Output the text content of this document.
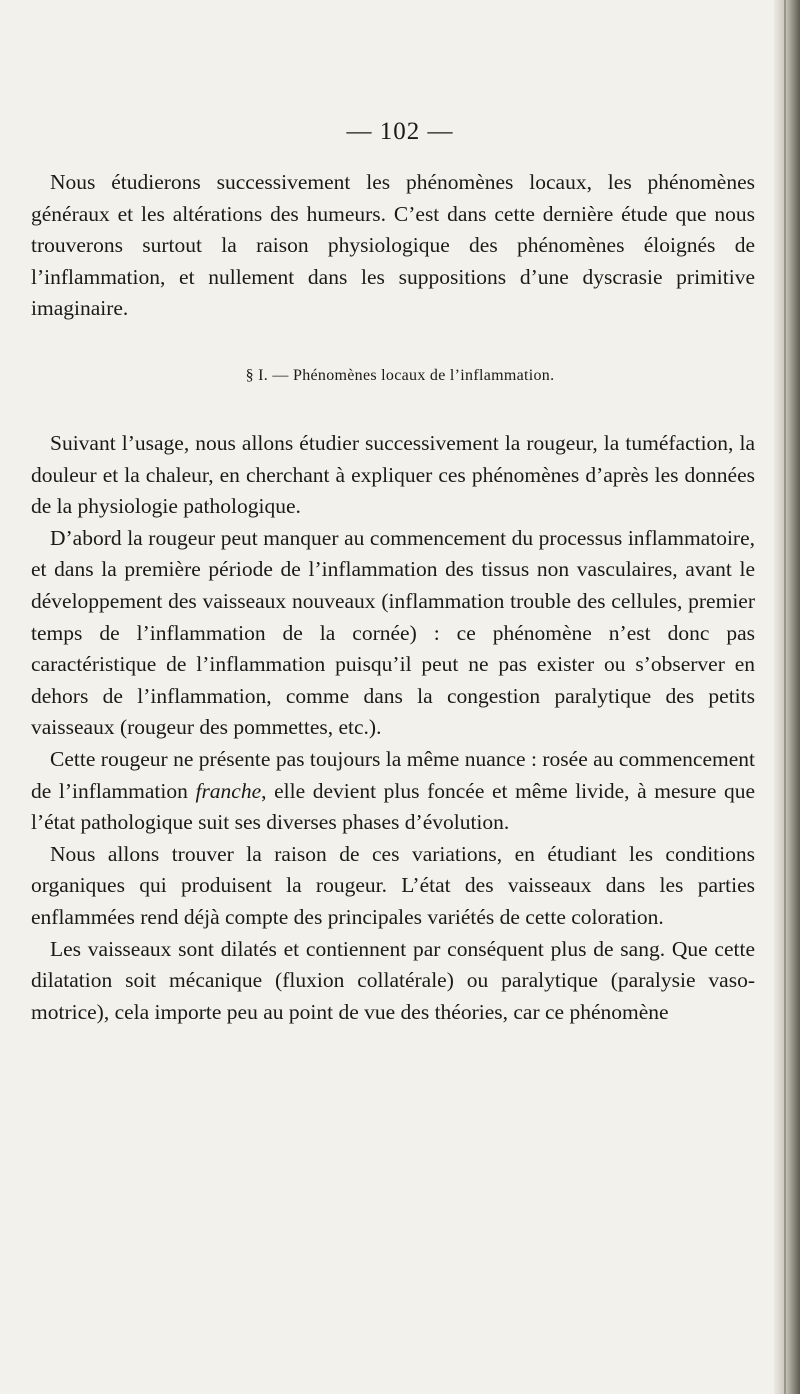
— 102 —

Nous étudierons successivement les phénomènes locaux, les phénomènes généraux et les altérations des humeurs. C’est dans cette dernière étude que nous trouverons surtout la raison physiologique des phénomènes éloignés de l’inflammation, et nullement dans les suppositions d’une dyscrasie primitive imaginaire.

§ I. — Phénomènes locaux de l’inflammation.

Suivant l’usage, nous allons étudier successivement la rougeur, la tuméfaction, la douleur et la chaleur, en cherchant à expliquer ces phénomènes d’après les données de la physiologie pathologique.

D’abord la rougeur peut manquer au commencement du processus inflammatoire, et dans la première période de l’inflammation des tissus non vasculaires, avant le développement des vaisseaux nouveaux (inflammation trouble des cellules, premier temps de l’inflammation de la cornée) : ce phénomène n’est donc pas caractéristique de l’inflammation puisqu’il peut ne pas exister ou s’observer en dehors de l’inflammation, comme dans la congestion paralytique des petits vaisseaux (rougeur des pommettes, etc.).

Cette rougeur ne présente pas toujours la même nuance : rosée au commencement de l’inflammation franche, elle devient plus foncée et même livide, à mesure que l’état pathologique suit ses diverses phases d’évolution.

Nous allons trouver la raison de ces variations, en étudiant les conditions organiques qui produisent la rougeur. L’état des vaisseaux dans les parties enflammées rend déjà compte des principales variétés de cette coloration.

Les vaisseaux sont dilatés et contiennent par conséquent plus de sang. Que cette dilatation soit mécanique (fluxion collatérale) ou paralytique (paralysie vaso-motrice), cela importe peu au point de vue des théories, car ce phénomène
